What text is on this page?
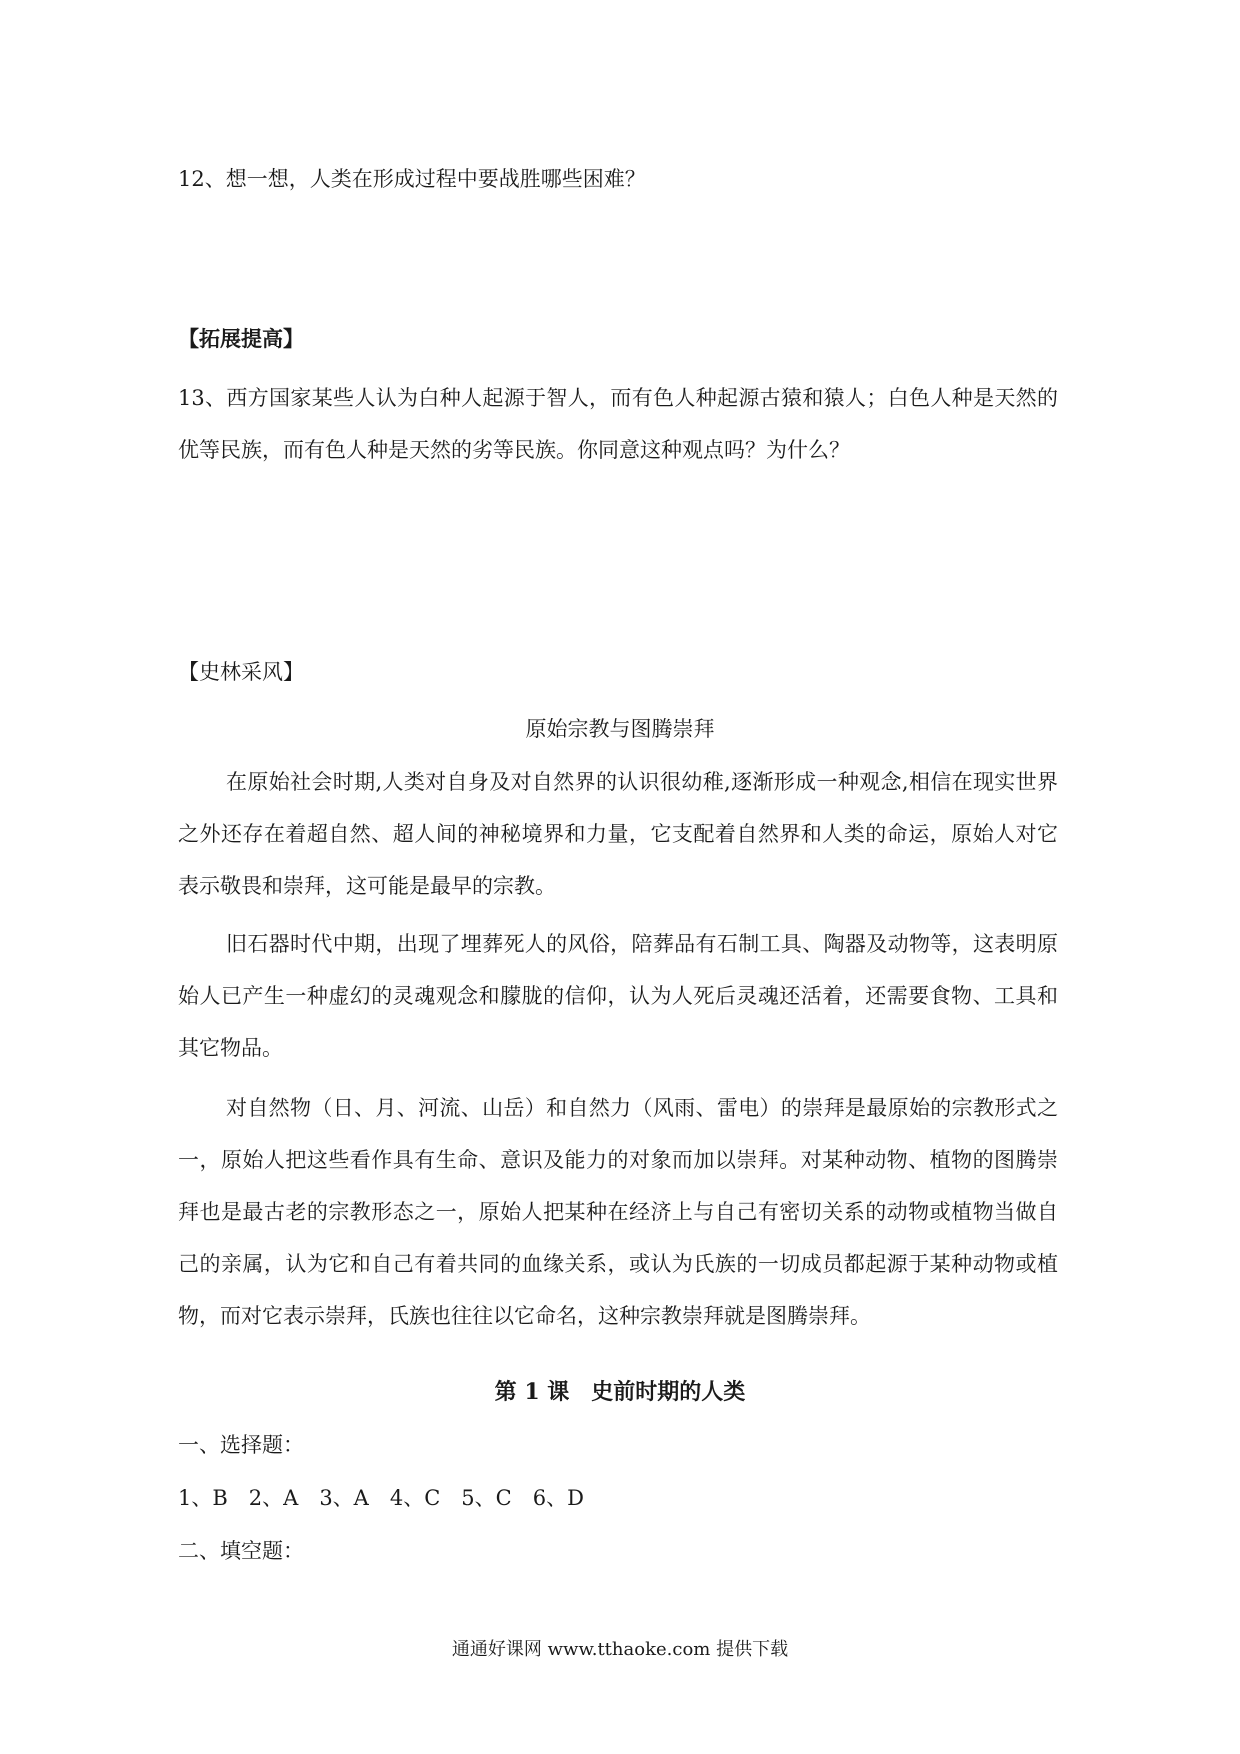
12、想一想，人类在形成过程中要战胜哪些困难？
【拓展提高】

13、西方国家某些人认为白种人起源于智人，而有色人种起源古猿和猿人；白色人种是天然的优等民族，而有色人种是天然的劣等民族。你同意这种观点吗？为什么？

【史林采风】
原始宗教与图腾崇拜

在原始社会时期,人类对自身及对自然界的认识很幼稚,逐渐形成一种观念,相信在现实世界之外还存在着超自然、超人间的神秘境界和力量，它支配着自然界和人类的命运，原始人对它表示敬畏和崇拜，这可能是最早的宗教。

旧石器时代中期，出现了埋葬死人的风俗，陪葬品有石制工具、陶器及动物等，这表明原始人已产生一种虚幻的灵魂观念和朦胧的信仰，认为人死后灵魂还活着，还需要食物、工具和其它物品。

对自然物（日、月、河流、山岳）和自然力（风雨、雷电）的崇拜是最原始的宗教形式之一，原始人把这些看作具有生命、意识及能力的对象而加以崇拜。对某种动物、植物的图腾崇拜也是最古老的宗教形态之一，原始人把某种在经济上与自己有密切关系的动物或植物当做自己的亲属，认为它和自己有着共同的血缘关系，或认为氏族的一切成员都起源于某种动物或植物，而对它表示崇拜，氏族也往往以它命名，这种宗教崇拜就是图腾崇拜。

第 1 课　史前时期的人类
一、选择题：
1、B　2、A　3、A　4、C　5、C　6、D
二、填空题：
通通好课网 www.tthaoke.com 提供下载
